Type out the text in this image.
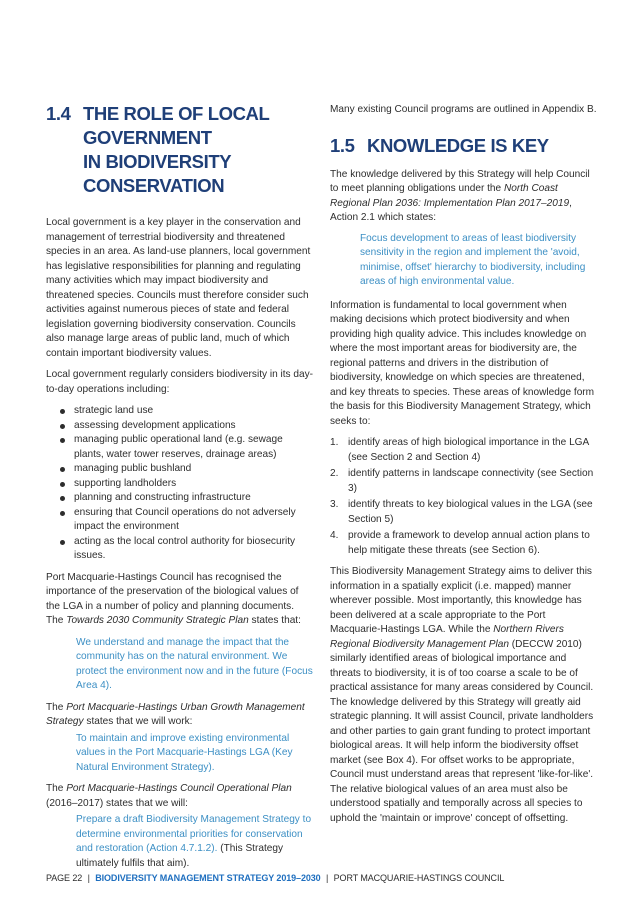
1.4 THE ROLE OF LOCAL
GOVERNMENT
IN BIODIVERSITY
CONSERVATION

Local government is a key player in the conservation and management of terrestrial biodiversity and threatened species in an area. As land-use planners, local government has legislative responsibilities for planning and regulating many activities which may impact biodiversity and threatened species. Councils must therefore consider such activities against numerous pieces of state and federal legislation governing biodiversity conservation. Councils also manage large areas of public land, much of which contain important biodiversity values.

Local government regularly considers biodiversity in its day-to-day operations including:

strategic land use
assessing development applications
managing public operational land (e.g. sewage plants, water tower reserves, drainage areas)
managing public bushland
supporting landholders
planning and constructing infrastructure
ensuring that Council operations do not adversely impact the environment
acting as the local control authority for biosecurity issues.

Port Macquarie-Hastings Council has recognised the importance of the preservation of the biological values of the LGA in a number of policy and planning documents. The Towards 2030 Community Strategic Plan states that:

We understand and manage the impact that the community has on the natural environment. We protect the environment now and in the future (Focus Area 4).

The Port Macquarie-Hastings Urban Growth Management Strategy states that we will work:

To maintain and improve existing environmental values in the Port Macquarie-Hastings LGA (Key Natural Environment Strategy).

The Port Macquarie-Hastings Council Operational Plan (2016–2017) states that we will:

Prepare a draft Biodiversity Management Strategy to determine environmental priorities for conservation and restoration (Action 4.7.1.2). (This Strategy ultimately fulfils that aim).

Many existing Council programs are outlined in Appendix B.

1.5 KNOWLEDGE IS KEY

The knowledge delivered by this Strategy will help Council to meet planning obligations under the North Coast Regional Plan 2036: Implementation Plan 2017–2019, Action 2.1 which states:

Focus development to areas of least biodiversity sensitivity in the region and implement the 'avoid, minimise, offset' hierarchy to biodiversity, including areas of high environmental value.

Information is fundamental to local government when making decisions which protect biodiversity and when providing high quality advice. This includes knowledge on where the most important areas for biodiversity are, the regional patterns and drivers in the distribution of biodiversity, knowledge on which species are threatened, and key threats to species. These areas of knowledge form the basis for this Biodiversity Management Strategy, which seeks to:

1. identify areas of high biological importance in the LGA (see Section 2 and Section 4)
2. identify patterns in landscape connectivity (see Section 3)
3. identify threats to key biological values in the LGA (see Section 5)
4. provide a framework to develop annual action plans to help mitigate these threats (see Section 6).

This Biodiversity Management Strategy aims to deliver this information in a spatially explicit (i.e. mapped) manner wherever possible. Most importantly, this knowledge has been delivered at a scale appropriate to the Port Macquarie-Hastings LGA. While the Northern Rivers Regional Biodiversity Management Plan (DECCW 2010) similarly identified areas of biological importance and threats to biodiversity, it is of too coarse a scale to be of practical assistance for many areas considered by Council. The knowledge delivered by this Strategy will greatly aid strategic planning. It will assist Council, private landholders and other parties to gain grant funding to protect important biological areas. It will help inform the biodiversity offset market (see Box 4). For offset works to be appropriate, Council must understand areas that represent 'like-for-like'. The relative biological values of an area must also be understood spatially and temporally across all species to uphold the 'maintain or improve' concept of offsetting.

PAGE 22 | BIODIVERSITY MANAGEMENT STRATEGY 2019–2030 | PORT MACQUARIE-HASTINGS COUNCIL
